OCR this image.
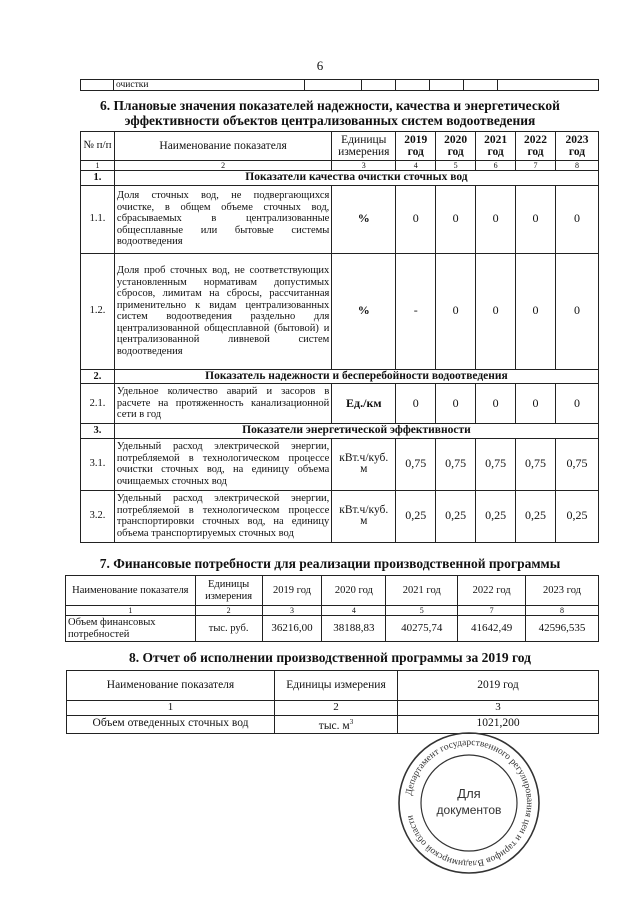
6
	очистки						
6. Плановые значения показателей надежности, качества и энергетической
эффективности объектов централизованных систем водоотведения
№ п/п	Наименование показателя	Единицы измерения	2019 год	2020 год	2021 год	2022 год	2023 год
1	2	3	4	5	6	7	8
1.	Показатели качества очистки сточных вод						
1.1.	Доля сточных вод, не подвергающихся очистке, в общем объеме сточных вод, сбрасываемых в централизованные общесплавные или бытовые системы водоотведения	%	0	0	0	0	0
1.2.	Доля проб сточных вод, не соответствующих установленным нормативам допустимых сбросов, лимитам на сбросы, рассчитанная применительно к видам централизованных систем водоотведения раздельно для централизованной общесплавной (бытовой) и централизованной ливневой систем водоотведения	%	-	0	0	0	0
2.	Показатель надежности и бесперебойности водоотведения						
2.1.	Удельное количество аварий и засоров в расчете на протяженность канализационной сети в год	Ед./км	0	0	0	0	0
3.	Показатели энергетической эффективности						
3.1.	Удельный расход электрической энергии, потребляемой в технологическом процессе очистки сточных вод, на единицу объема очищаемых сточных вод	кВт.ч/куб. м	0,75	0,75	0,75	0,75	0,75
3.2.	Удельный расход электрической энергии, потребляемой в технологическом процессе транспортировки сточных вод, на единицу объема транспортируемых сточных вод	кВт.ч/куб. м	0,25	0,25	0,25	0,25	0,25
7. Финансовые потребности для реализации производственной программы
Наименование показателя	Единицы измерения	2019 год	2020 год	2021 год	2022 год	2023 год
1	2	3	4	5	7	8
Объем финансовых потребностей	тыс. руб.	36216,00	38188,83	40275,74	41642,49	42596,535
8. Отчет об исполнении производственной программы за 2019 год
Наименование показателя	Единицы измерения	2019 год
1	2	3
Объем отведенных сточных вод	тыс. $м^3$	1021,200
Департамент государственного регулирования цен и тарифов Владимирской области
Для
документов
